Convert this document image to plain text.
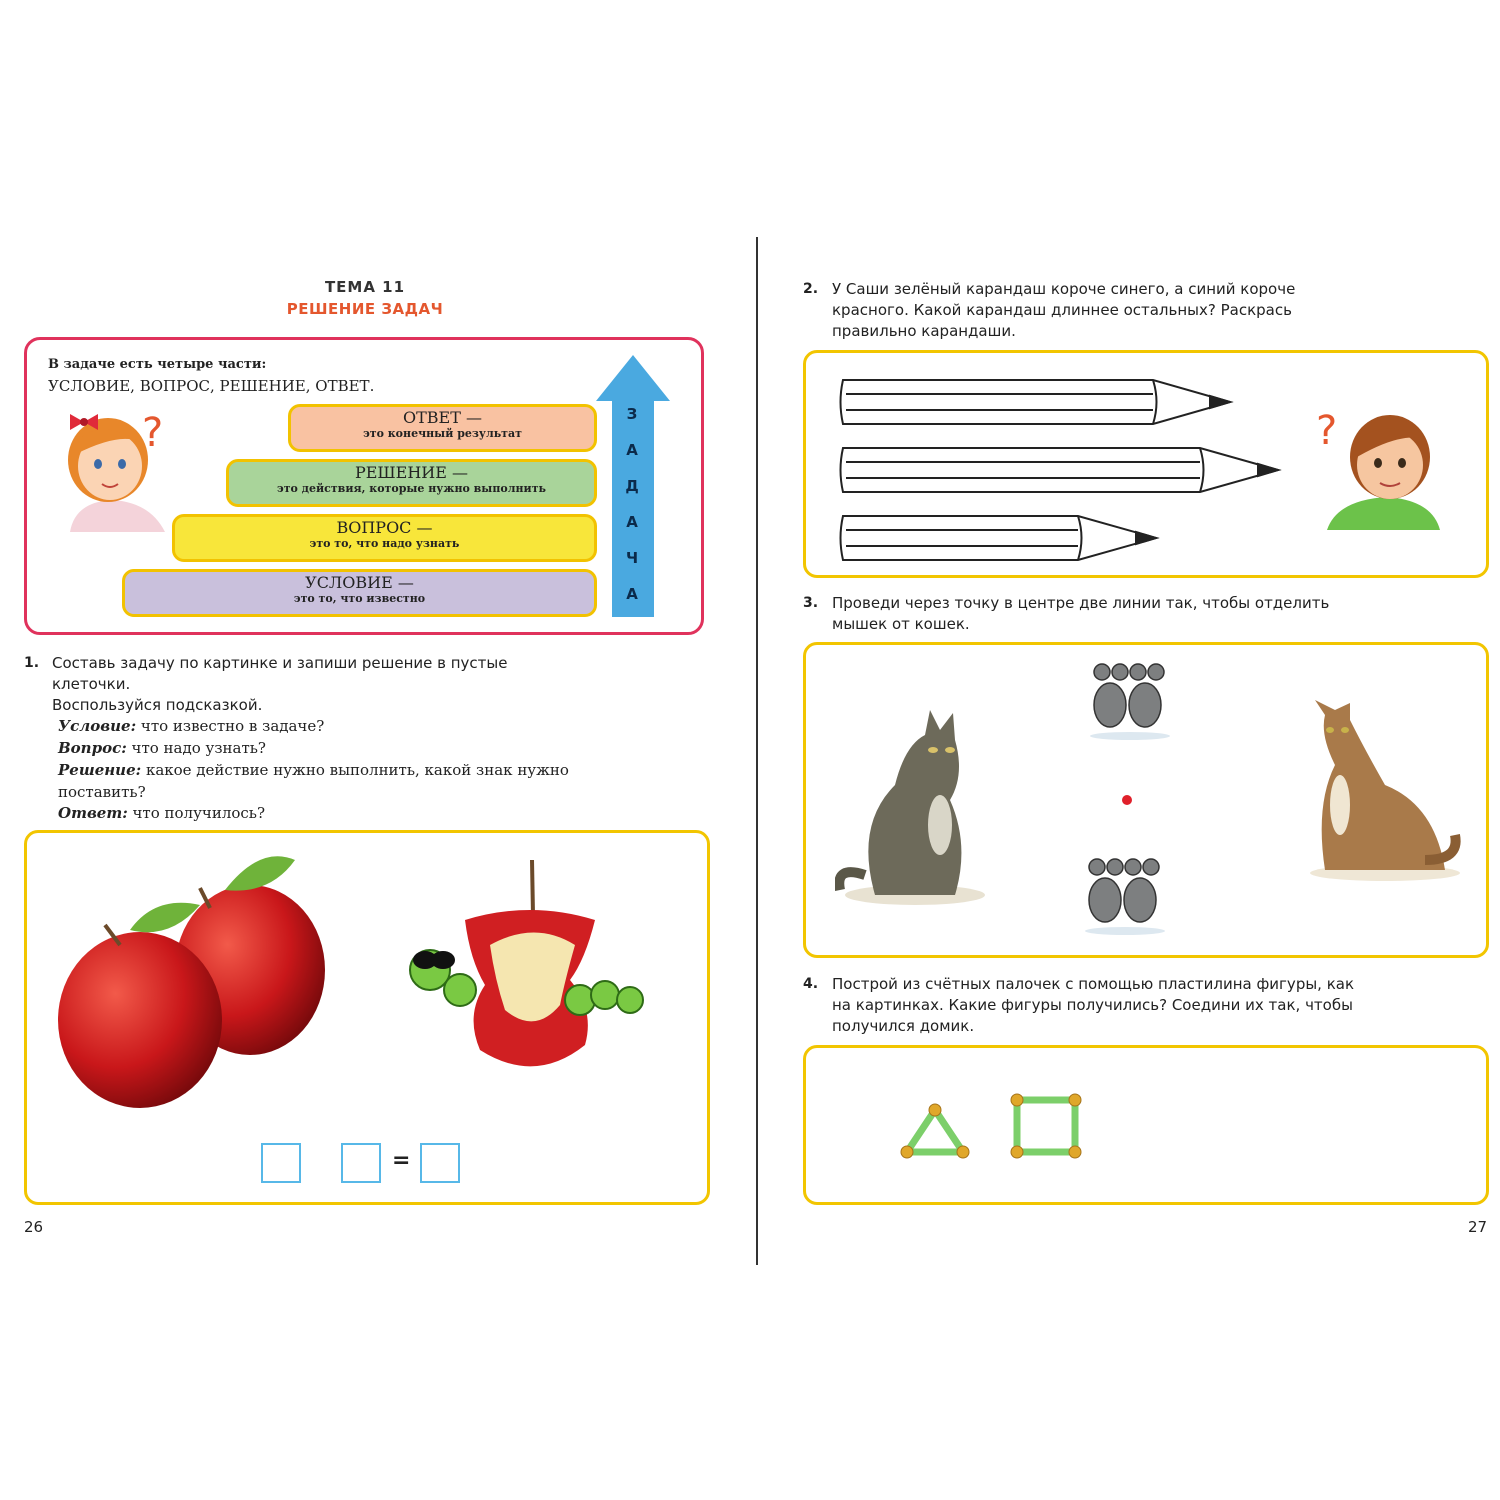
ТЕМА 11
РЕШЕНИЕ ЗАДАЧ
В задаче есть четыре части:
УСЛОВИЕ, ВОПРОС, РЕШЕНИЕ, ОТВЕТ.
?	ОТВЕТ —
это конечный результат
РЕШЕНИЕ —
это действия, которые нужно выполнить
ВОПРОС —
это то, что надо узнать
УСЛОВИЕ —
это то, что известно
З
А
Д
А
Ч
А
1. Составь задачу по картинке и запиши решение в пустые
клеточки.
Воспользуйся подсказкой.
Условие: что известно в задаче?
Вопрос: что надо узнать?
Решение: какое действие нужно выполнить, какой знак нужно
поставить?
Ответ: что получилось?
=
26
2. У Саши зелёный карандаш короче синего, а синий короче
красного. Какой карандаш длиннее остальных? Раскрась
правильно карандаши.
?
3. Проведи через точку в центре две линии так, чтобы отделить
мышек от кошек.
4. Построй из счётных палочек с помощью пластилина фигуры, как
на картинках. Какие фигуры получились? Соедини их так, чтобы
получился домик.
27
